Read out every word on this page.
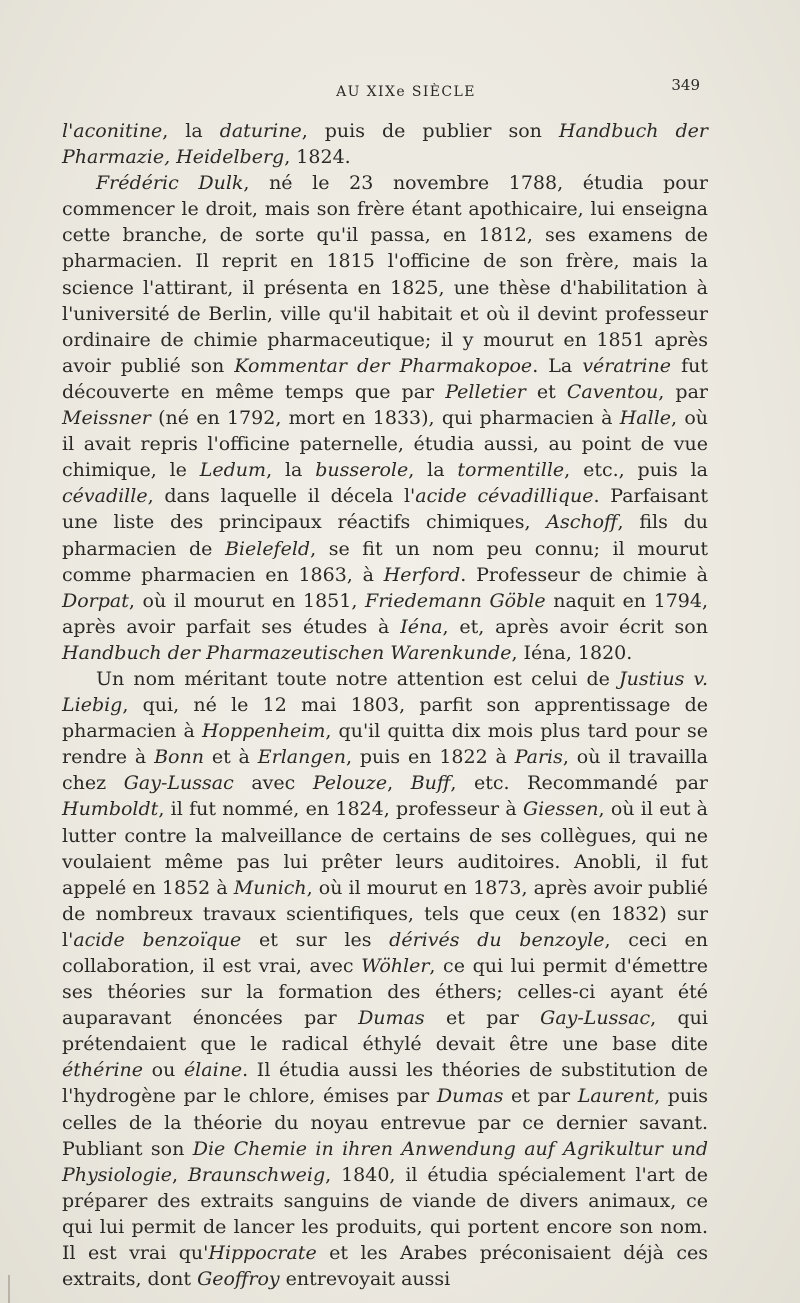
AU XIXe SIÈCLE	349

l'aconitine, la daturine, puis de publier son Handbuch der Pharmazie, Heidelberg, 1824.

Frédéric Dulk, né le 23 novembre 1788, étudia pour commencer le droit, mais son frère étant apothicaire, lui enseigna cette branche, de sorte qu'il passa, en 1812, ses examens de pharmacien. Il reprit en 1815 l'officine de son frère, mais la science l'attirant, il présenta en 1825, une thèse d'habilitation à l'université de Berlin, ville qu'il habitait et où il devint professeur ordinaire de chimie pharmaceutique; il y mourut en 1851 après avoir publié son Kommentar der Pharmakopoe. La vératrine fut découverte en même temps que par Pelletier et Caventou, par Meissner (né en 1792, mort en 1833), qui pharmacien à Halle, où il avait repris l'officine paternelle, étudia aussi, au point de vue chimique, le Ledum, la busserole, la tormentille, etc., puis la cévadille, dans laquelle il décela l'acide cévadillique. Parfaisant une liste des principaux réactifs chimiques, Aschoff, fils du pharmacien de Bielefeld, se fit un nom peu connu; il mourut comme pharmacien en 1863, à Herford. Professeur de chimie à Dorpat, où il mourut en 1851, Friedemann Göble naquit en 1794, après avoir parfait ses études à Iéna, et, après avoir écrit son Handbuch der Pharmazeutischen Warenkunde, Iéna, 1820.

Un nom méritant toute notre attention est celui de Justius v. Liebig, qui, né le 12 mai 1803, parfit son apprentissage de pharmacien à Hoppenheim, qu'il quitta dix mois plus tard pour se rendre à Bonn et à Erlangen, puis en 1822 à Paris, où il travailla chez Gay-Lussac avec Pelouze, Buff, etc. Recommandé par Humboldt, il fut nommé, en 1824, professeur à Giessen, où il eut à lutter contre la malveillance de certains de ses collègues, qui ne voulaient même pas lui prêter leurs auditoires. Anobli, il fut appelé en 1852 à Munich, où il mourut en 1873, après avoir publié de nombreux travaux scientifiques, tels que ceux (en 1832) sur l'acide benzoïque et sur les dérivés du benzoyle, ceci en collaboration, il est vrai, avec Wöhler, ce qui lui permit d'émettre ses théories sur la formation des éthers; celles-ci ayant été auparavant énoncées par Dumas et par Gay-Lussac, qui prétendaient que le radical éthylé devait être une base dite éthérine ou élaine. Il étudia aussi les théories de substitution de l'hydrogène par le chlore, émises par Dumas et par Laurent, puis celles de la théorie du noyau entrevue par ce dernier savant. Publiant son Die Chemie in ihren Anwendung auf Agrikultur und Physiologie, Braunschweig, 1840, il étudia spécialement l'art de préparer des extraits sanguins de viande de divers animaux, ce qui lui permit de lancer les produits, qui portent encore son nom. Il est vrai qu'Hippocrate et les Arabes préconisaient déjà ces extraits, dont Geoffroy entrevoyait aussi
